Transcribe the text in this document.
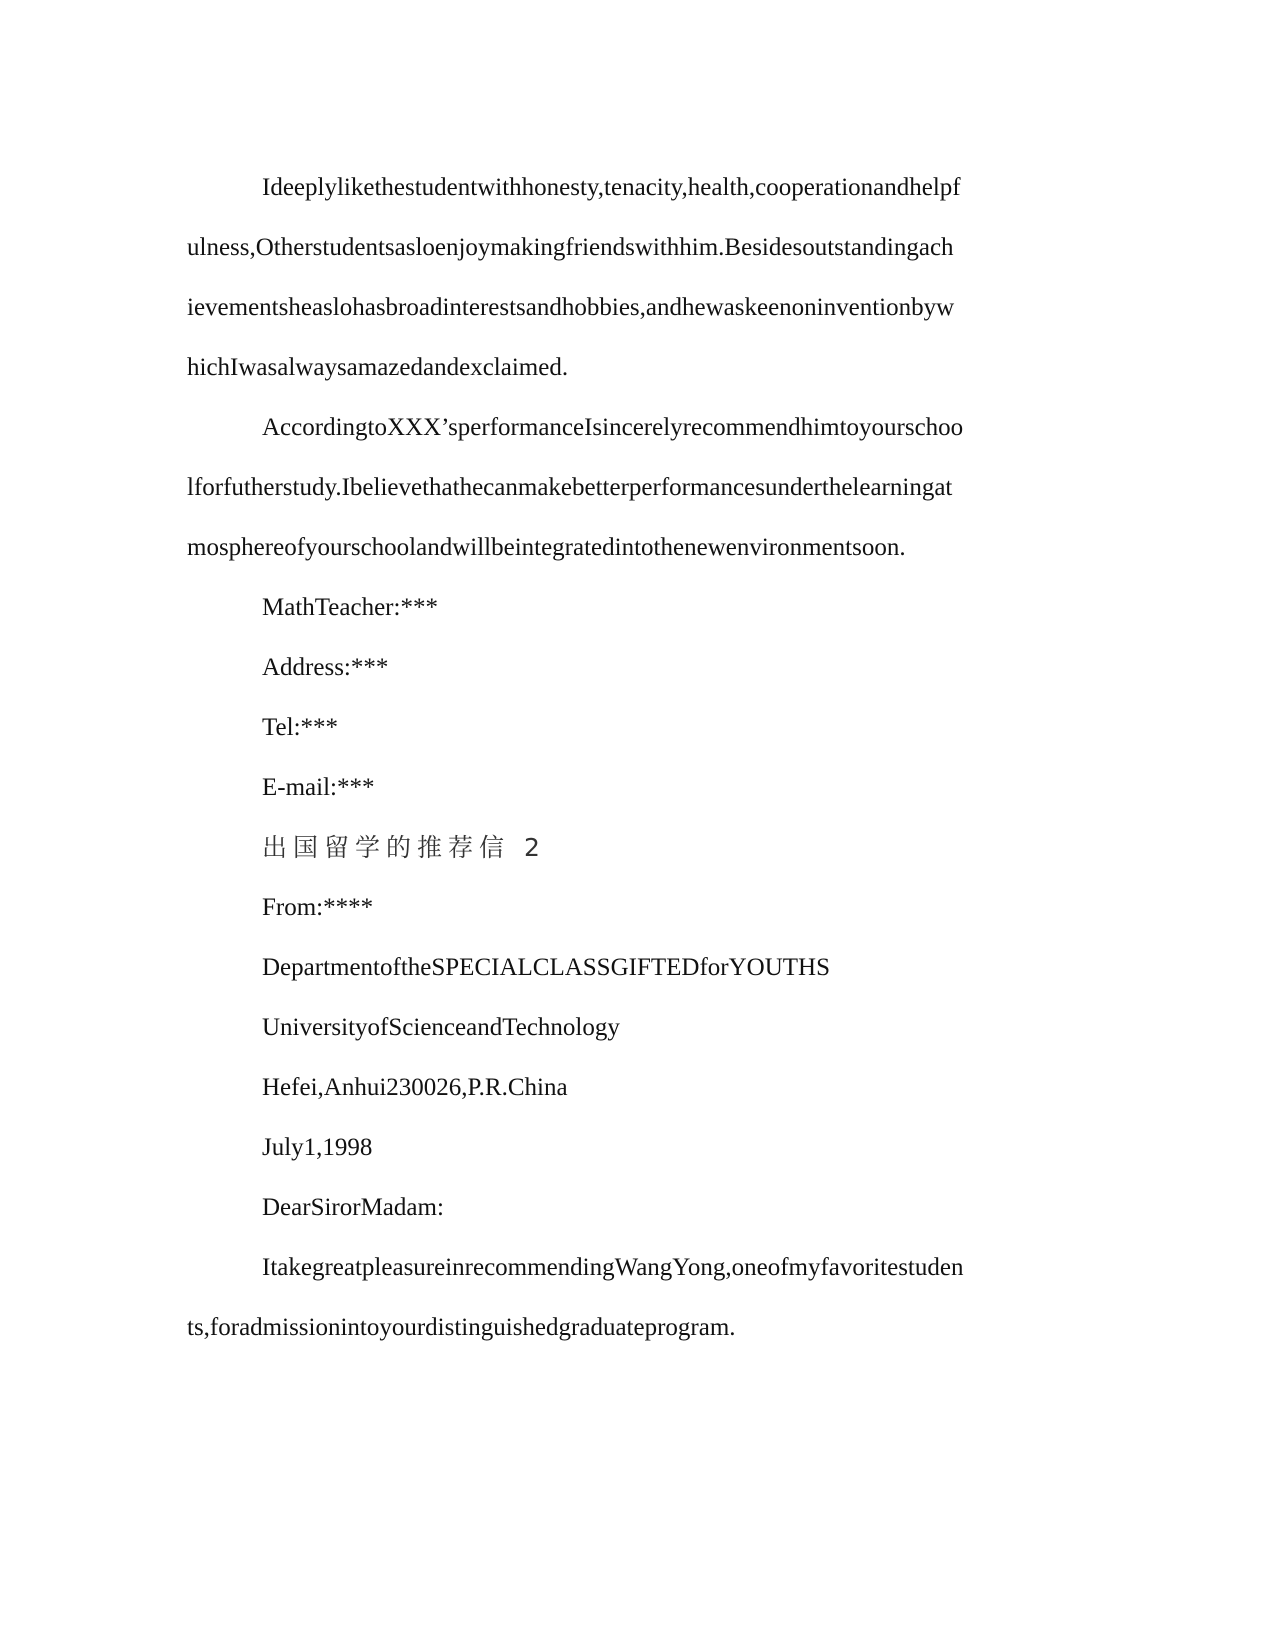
Ideeplylikethestudentwithhonesty,tenacity,health,cooperationandhelpf
ulness,Otherstudentsasloenjoymakingfriendswithhim.Besidesoutstandingach
ievementsheaslohasbroadinterestsandhobbies,andhewaskeenoninventionbyw
hichIwasalwaysamazedandexclaimed.
AccordingtoXXX’sperformanceIsincerelyrecommendhimtoyourschoo
lforfutherstudy.Ibelievethathecanmakebetterperformancesunderthelearningat
mosphereofyourschoolandwillbeintegratedintothenewenvironmentsoon.
MathTeacher:***
Address:***
Tel:***
E-mail:***
出国留学的推荐信 2
From:****
DepartmentoftheSPECIALCLASSGIFTEDforYOUTHS
UniversityofScienceandTechnology
Hefei,Anhui230026,P.R.China
July1,1998
DearSirorMadam:
ItakegreatpleasureinrecommendingWangYong,oneofmyfavoritestuden
ts,foradmissionintoyourdistinguishedgraduateprogram.
